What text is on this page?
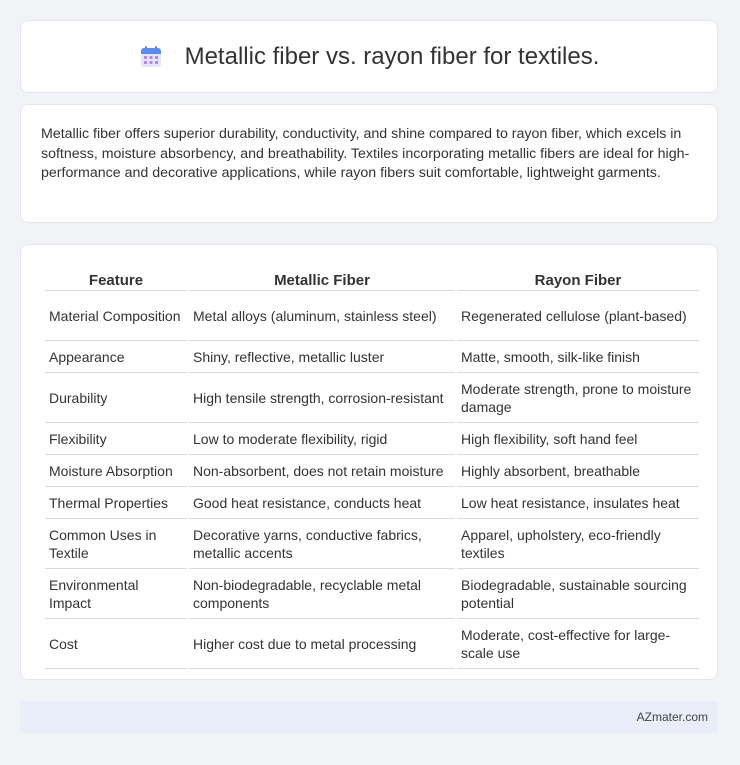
Metallic fiber vs. rayon fiber for textiles.

Metallic fiber offers superior durability, conductivity, and shine compared to rayon fiber, which excels in softness, moisture absorbency, and breathability. Textiles incorporating metallic fibers are ideal for high-performance and decorative applications, while rayon fibers suit comfortable, lightweight garments.

Feature	Metallic Fiber	Rayon Fiber
Material Composition	Metal alloys (aluminum, stainless steel)	Regenerated cellulose (plant-based)
Appearance	Shiny, reflective, metallic luster	Matte, smooth, silk-like finish
Durability	High tensile strength, corrosion-resistant	Moderate strength, prone to moisture damage
Flexibility	Low to moderate flexibility, rigid	High flexibility, soft hand feel
Moisture Absorption	Non-absorbent, does not retain moisture	Highly absorbent, breathable
Thermal Properties	Good heat resistance, conducts heat	Low heat resistance, insulates heat
Common Uses in Textile	Decorative yarns, conductive fabrics, metallic accents	Apparel, upholstery, eco-friendly textiles
Environmental Impact	Non-biodegradable, recyclable metal components	Biodegradable, sustainable sourcing potential
Cost	Higher cost due to metal processing	Moderate, cost-effective for large-scale use
AZmater.com
